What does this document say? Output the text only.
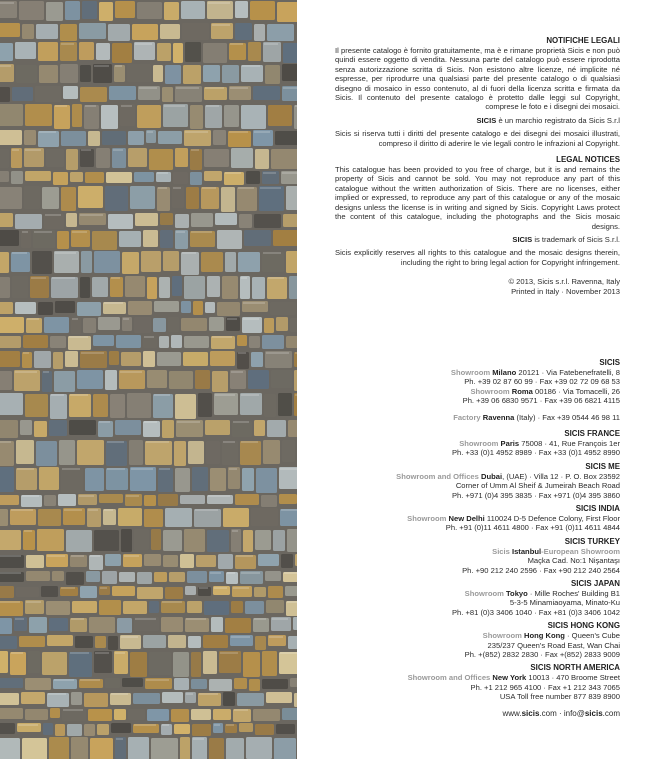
NOTIFICHE LEGALI
Il presente catalogo è fornito gratuitamente, ma è e rimane proprietà Sicis e non può quindi essere oggetto di vendita. Nessuna parte del catalogo può essere riprodotta senza autorizzazione scritta di Sicis. Non esistono altre licenze, né implicite né espresse, per riprodurre una qualsiasi parte del presente catalogo o di qualsiasi disegno di mosaico in esso contenuto, al di fuori della licenza scritta e firmata da Sicis. Il contenuto del presente catalogo è protetto dalle leggi sul Copyright, comprese le foto e i disegni dei mosaici.
SICIS è un marchio registrato da Sicis S.r.l
Sicis si riserva tutti i diritti del presente catalogo e dei disegni dei mosaici illustrati, compreso il diritto di aderire le vie legali contro le infrazioni al Copyright.
LEGAL NOTICES
This catalogue has been provided to you free of charge, but it is and remains the property of Sicis and cannot be sold. You may not reproduce any part of this catalogue without the written authorization of Sicis. There are no licenses, either implied or expressed, to reproduce any part of this catalogue or any of the mosaic designs unless the license is in writing and signed by Sicis. Copyright Laws protect the content of this catalogue, including the photographs and the Sicis mosaic designs.
SICIS is trademark of Sicis S.r.l.
Sicis explicitly reserves all rights to this catalogue and the mosaic designs therein, including the right to bring legal action for Copyright infringement.
© 2013, Sicis s.r.l. Ravenna, Italy
Printed in Italy · November 2013
SICIS
Showroom Milano 20121 · Via Fatebenefratelli, 8
Ph. +39 02 87 60 99 · Fax +39 02 72 09 68 53
Showroom Roma 00186 · Via Tomacelli, 26
Ph. +39 06 6830 9571 · Fax +39 06 6821 4115
Factory Ravenna (Italy) · Fax +39 0544 46 98 11
SICIS FRANCE
Showroom Paris 75008 · 41, Rue François 1er
Ph. +33 (0)1 4952 8989 · Fax +33 (0)1 4952 8990
SICIS ME
Showroom and Offices Dubai, (UAE) · Villa 12 · P. O. Box 23592
Corner of Umm Al Sheif & Jumeirah Beach Road
Ph. +971 (0)4 395 3835 · Fax +971 (0)4 395 3860
SICIS INDIA
Showroom New Delhi 110024 D-5 Defence Colony, First Floor
Ph. +91 (0)11 4611 4800 · Fax +91 (0)11 4611 4844
SICIS TURKEY
Sicis Istanbul-European Showroom
Maçka Cad. No:1 Nişantaşı
Ph. +90 212 240 2596 · Fax +90 212 240 2564
SICIS JAPAN
Showroom Tokyo · Mille Roches' Building B1
5-3-5 Minamiaoyama, Minato-Ku
Ph. +81 (0)3 3406 1040 · Fax +81 (0)3 3406 1042
SICIS HONG KONG
Showroom Hong Kong · Queen's Cube
235/237 Queen's Road East, Wan Chai
Ph. +(852) 2832 2830 · Fax +(852) 2833 9009
SICIS NORTH AMERICA
Showroom and Offices New York 10013 · 470 Broome Street
Ph. +1 212 965 4100 · Fax +1 212 343 7065
USA Toll free number 877 839 8900
www.sicis.com · info@sicis.com
